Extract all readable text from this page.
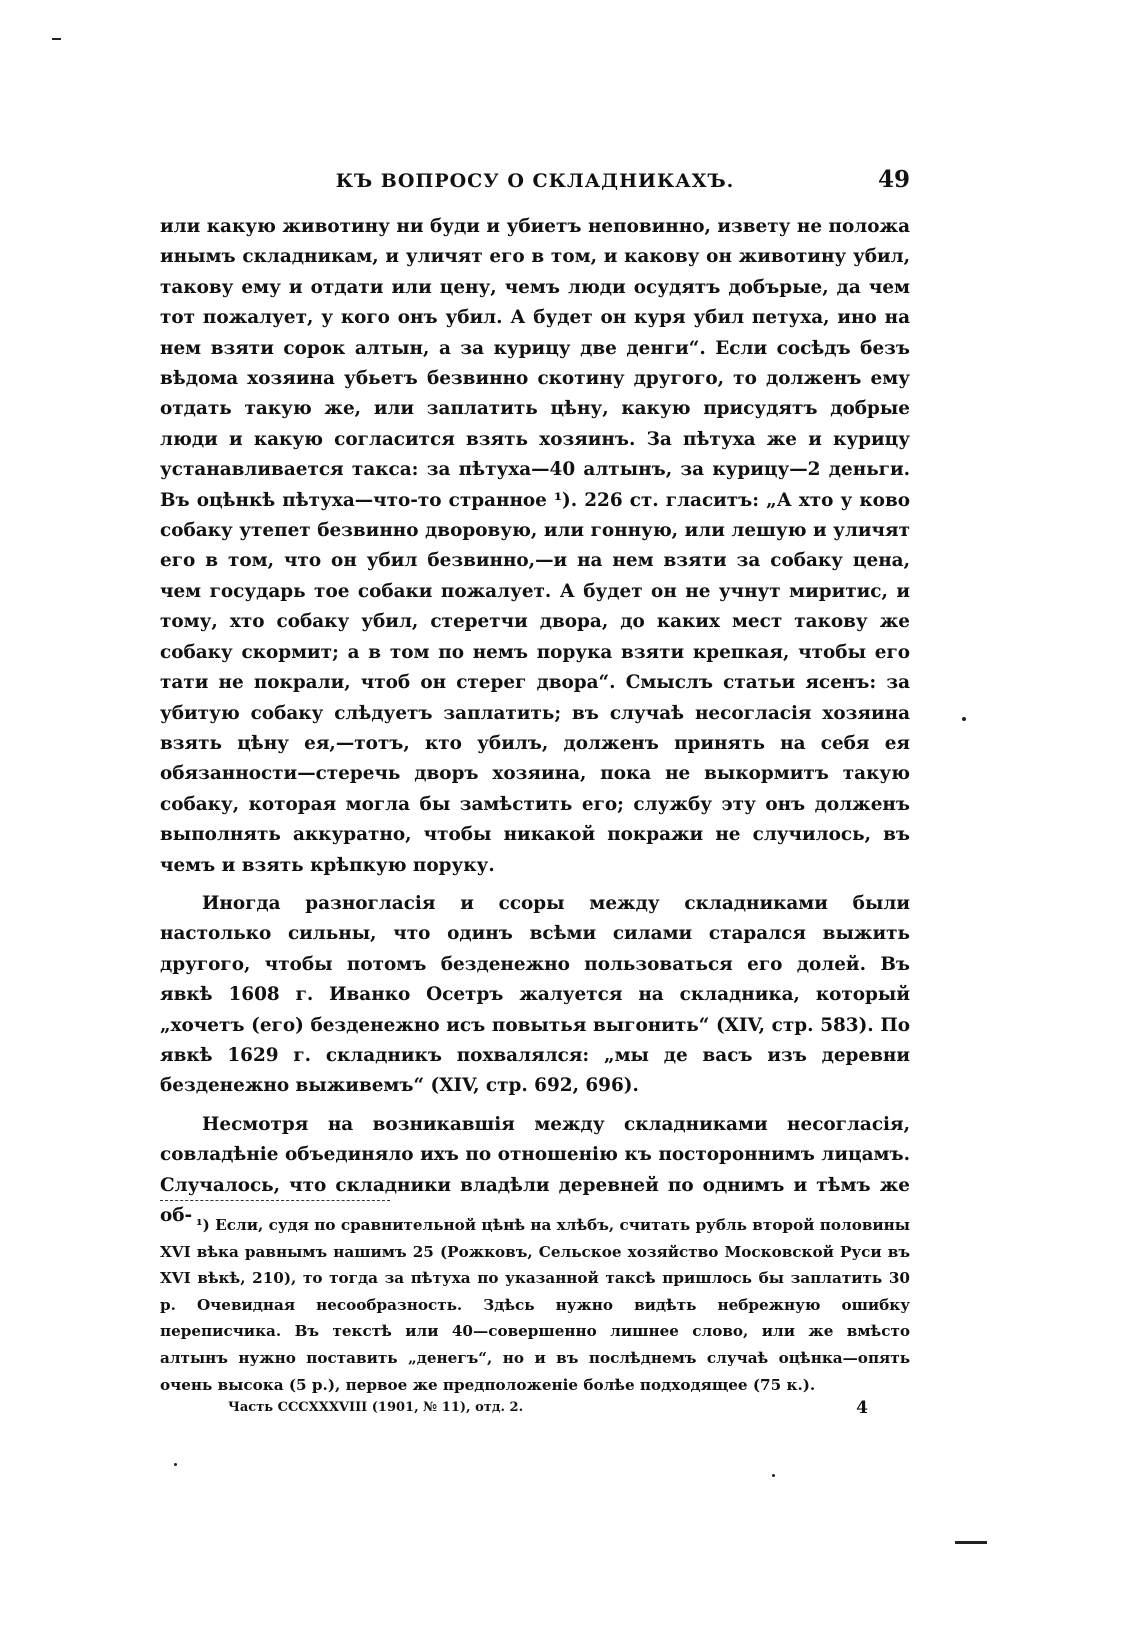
КЪ ВОПРОСУ О СКЛАДНИКАХЪ.	49

или какую животину ни буди и убиетъ неповинно, извету не положа инымъ складникам, и уличят его в том, и какову он животину убил, такову ему и отдати или цену, чемъ люди осудятъ добърые, да чем тот пожалует, у кого онъ убил. А будет он куря убил петуха, ино на нем взяти сорок алтын, а за курицу две денги“. Если сосѣдъ безъ вѣдома хозяина убьетъ безвинно скотину другого, то долженъ ему отдать такую же, или заплатить цѣну, какую присудятъ добрые люди и какую согласится взять хозяинъ. За пѣтуха же и курицу устанавливается такса: за пѣтуха—40 алтынъ, за курицу—2 деньги. Въ оцѣнкѣ пѣтуха—что-то странное ¹). 226 ст. гласитъ: „А хто у ково собаку утепет безвинно дворовую, или гонную, или лешую и уличят его в том, что он убил безвинно,—и на нем взяти за собаку цена, чем государь тое собаки пожалует. А будет он не учнут миритис, и тому, хто собаку убил, стеретчи двора, до каких мест такову же собаку скормит; а в том по немъ порука взяти крепкая, чтобы его тати не покрали, чтоб он стерег двора“. Смыслъ статьи ясенъ: за убитую собаку слѣдуетъ заплатить; въ случаѣ несогласія хозяина взять цѣну ея,—тотъ, кто убилъ, долженъ принять на себя ея обязанности—стеречь дворъ хозяина, пока не выкормитъ такую собаку, которая могла бы замѣстить его; службу эту онъ долженъ выполнять аккуратно, чтобы никакой покражи не случилось, въ чемъ и взять крѣпкую поруку.

Иногда разногласія и ссоры между складниками были настолько сильны, что одинъ всѣми силами старался выжить другого, чтобы потомъ безденежно пользоваться его долей. Въ явкѣ 1608 г. Иванко Осетръ жалуется на складника, который „хочетъ (его) безденежно исъ повытья выгонить“ (XIV, стр. 583). По явкѣ 1629 г. складникъ похвалялся: „мы де васъ изъ деревни безденежно выживемъ“ (XIV, стр. 692, 696).

Несмотря на возникавшія между складниками несогласія, совладѣніе объединяло ихъ по отношенію къ постороннимъ лицамъ. Случалось, что складники владѣли деревней по однимъ и тѣмъ же об- ¹) Если, судя по сравнительной цѣнѣ на хлѣбъ, считать рубль второй половины XVI вѣка равнымъ нашимъ 25 (Рожковъ, Сельское хозяйство Московской Руси въ XVI вѣкѣ, 210), то тогда за пѣтуха по указанной таксѣ пришлось бы заплатить 30 р. Очевидная несообразность. Здѣсь нужно видѣть небрежную ошибку переписчика. Въ текстѣ или 40—совершенно лишнее слово, или же вмѣсто алтынъ нужно поставить „денегъ“, но и въ послѣднемъ случаѣ оцѣнка—опять очень высока (5 р.), первое же предположеніе болѣе подходящее (75 к.).
Часть CCCXXXVIII (1901, № 11), отд. 2.	4
